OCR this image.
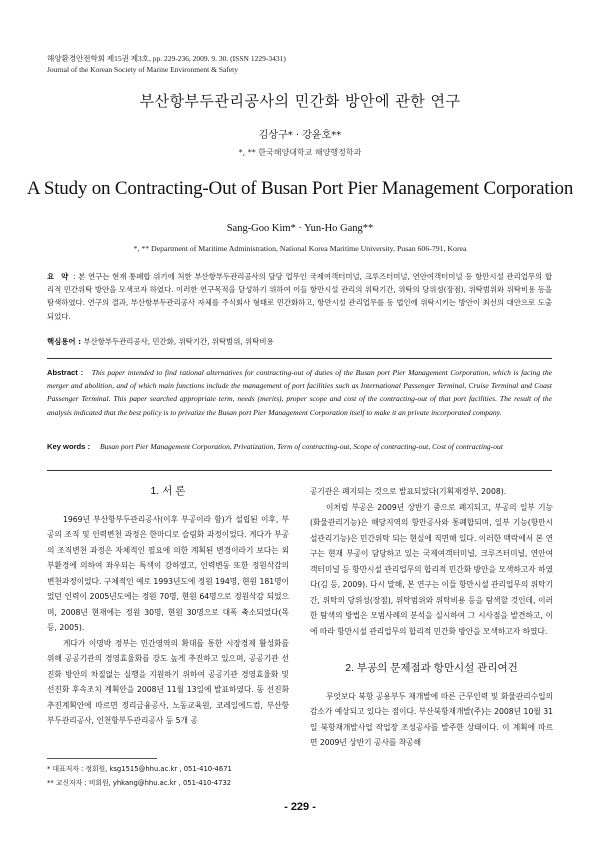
해양환경안전학회 제15권 제3호, pp. 229-236, 2009. 9. 30. (ISSN 1229-3431)
Journal of the Korean Society of Marine Environment & Safety
부산항부두관리공사의 민간화 방안에 관한 연구
김상구* · 강윤호**
*, ** 한국해양대학교 해양행정학과
A Study on Contracting-Out of Busan Port Pier Management Corporation
Sang-Goo Kim* · Yun-Ho Gang**
*, ** Department of Maritime Administration, National Korea Maritime University, Pusan 606-791, Korea
요 약 : 본 연구는 현재 통폐합 위기에 처한 부산항부두관리공사의 담당 업무인 국제여객터미널, 크루즈터미널, 연안여객터미널 등 항만시설 관리업무의 합리적 민간위탁 방안을 모색코자 하였다. 이러한 연구목적을 달성하기 위하여 이들 항만시설 관리의 위탁기간, 위탁의 당위성(장점), 위탁범위와 위탁비용 등을 탐색하였다. 연구의 결과, 부산항부두관리공사 자체를 주식회사 형태로 민간화하고, 항만시설 관리업무를 동 법인에 위탁시키는 방안이 최선의 대안으로 도출되었다.
핵심용어 : 부산항부두관리공사, 민간화, 위탁기간, 위탁범위, 위탁비용
Abstract : This paper intended to find rational alternatives for contracting-out of duties of the Busan port Pier Management Corporation, which is facing the merger and abolition, and of which main functions include the management of port facilities such as International Passenger Terminal, Cruise Terminal and Coast Passenger Terminal. This paper searched appropriate term, needs (merits), proper scope and cost of the contracting-out of that port facilities. The result of the analysis indicated that the best policy is to privatize the Busan port Pier Management Corporation itself to make it an private incorporated company.
Key words : Busan port Pier Management Corporation, Privatization, Term of contracting-out, Scope of contracting-out, Cost of contracting-out
1. 서 론

1969년 부산항부두관리공사(이후 부공이라 함)가 설립된 이후, 부공의 조직 및 인력변천 과정은 한마디로 슬림화 과정이었다. 게다가 부공의 조직변천 과정은 자체적인 필요에 의한 계획된 변경이라기 보다는 외부환경에 의하여 좌우되는 특색이 강하였고, 인력변동 또한 정원삭감의 변천과정이었다. 구체적인 예로 1993년도에 정원 194명, 현원 181명이었던 인력이 2005년도에는 정원 70명, 현원 64명으로 정원삭감 되었으며, 2008년 현재에는 정원 30명, 현원 30명으로 대폭 축소되었다(목 등, 2005).

게다가 이명박 정부는 민간영역의 확대를 통한 시장경제 활성화를 위해 공공기관의 경영효율화를 강도 높게 추진하고 있으며, 공공기관 선진화 방안의 차질없는 실행을 지원하기 위하여 공공기관 경영효율화 및 선진화 후속조치 계획안을 2008년 11월 13일에 발표하였다. 동 선진화추진계획안에 따르면 정리금융공사, 노동교육원, 코레일에드컴, 부산항부두관리공사, 인천항부두관리공사 등 5개 공

* 대표저자 : 정회원, ksg1515@hhu.ac.kr , 051-410-4671
** 교신저자 : 비회원, yhkang@hhu.ac.kr , 051-410-4732

공기관은 폐지되는 것으로 발표되었다(기획재경부, 2008).

이처럼 부공은 2009년 상반기 중으로 폐지되고, 부공의 일부 기능(화물관리기능)은 해당지역의 항만공사와 통폐합되며, 일부 기능(항만시설관리기능)은 민간위탁 되는 현실에 직면해 있다. 이러한 맥락에서 본 연구는 현재 부공이 담당하고 있는 국제여객터미널, 크루즈터미널, 연안여객터미널 등 항만시설 관리업무의 합리적 민간화 방안을 모색하고자 하였다(김 등, 2009). 다시 말해, 본 연구는 이들 항만시설 관리업무의 위탁기간, 위탁의 당위성(장점), 위탁범위와 위탁비용 등을 탐색할 것인데, 이러한 탐색의 방법은 모범사례의 분석을 실시하여 그 시사점을 발견하고, 이에 따라 항만시설 관리업무의 합리적 민간화 방안을 모색하고자 하였다.

2. 부공의 문제점과 항만시설 관리여건

무엇보다 북항 공용부두 재개발에 따른 근무인력 및 화물관리수입의 감소가 예상되고 있다는 점이다. 부산북항재개발(주)는 2008년 10월 31일 북항재개발사업 작업장 조성공사를 발주한 상태이다. 이 계획에 따르면 2009년 상반기 공사를 착공해

- 229 -
